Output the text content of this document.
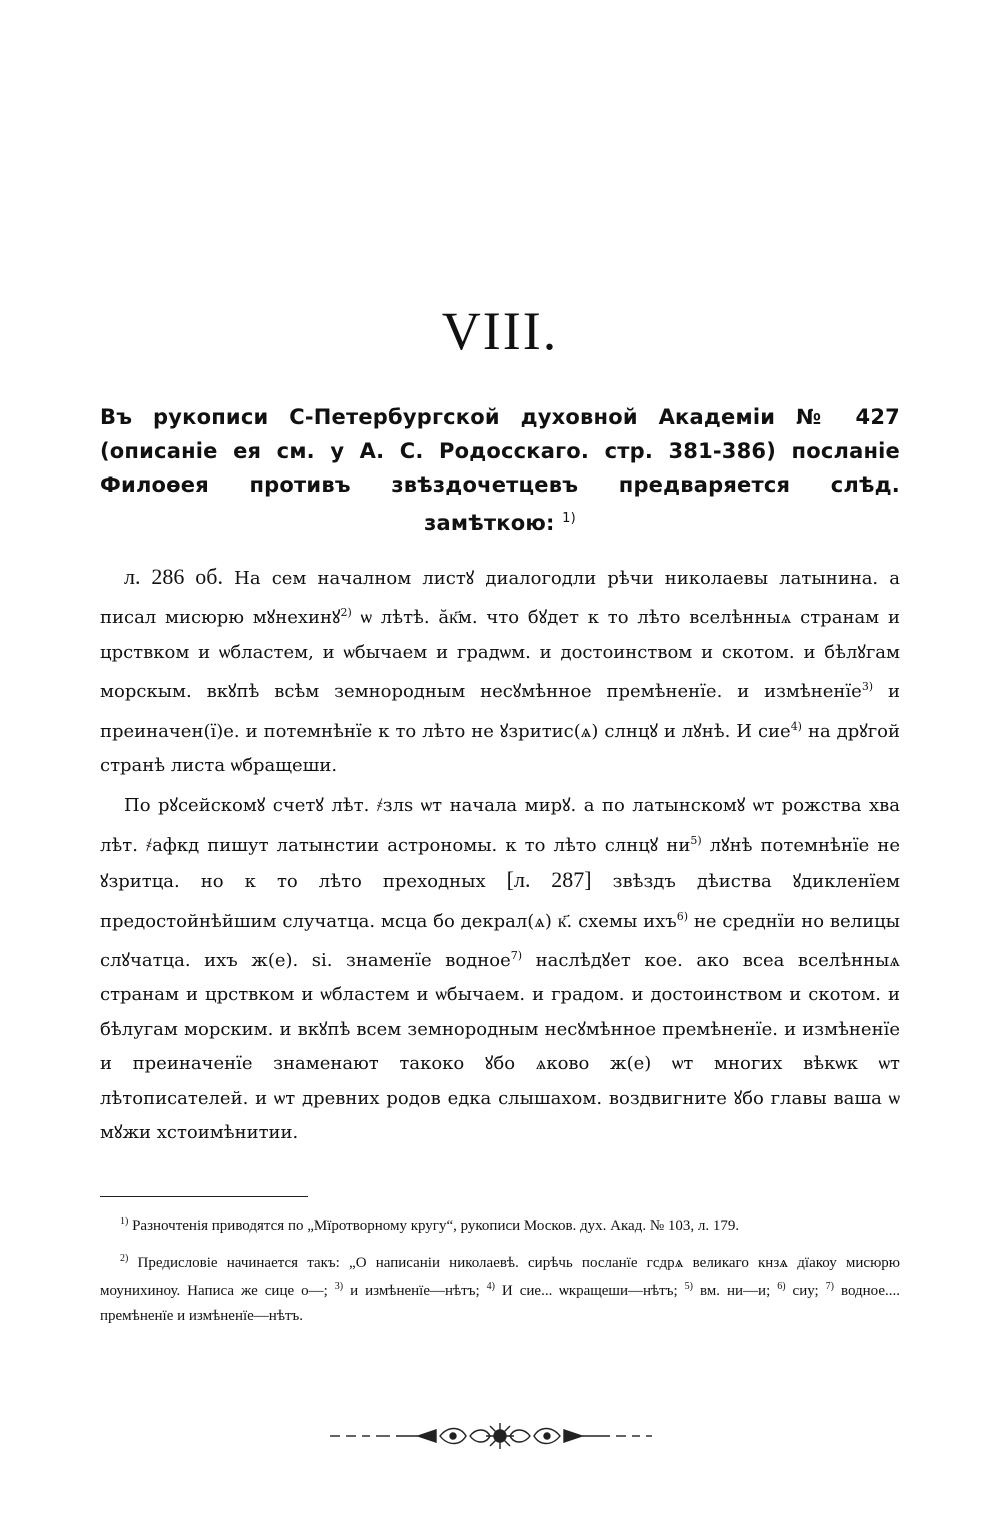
VIII.
Въ рукописи С-Петербургской духовной Академіи № 427 (описаніе ея см. у А. С. Родосскаго. стр. 381-386) посланіе Филоѳея противъ звѣздочетцевъ предваряется слѣд. замѣткою: $^{1)}$

л. 286 об. На сем началном листꙋ диалогодли рѣчи николаевы латынина. а писал мисюрю мꙋнехинꙋ$^{2)}$ ѡ лѣтѣ. ӑк҃м. что бꙋдет к то лѣто вселѣнныѧ странам и црствком и ѡбластем, и ѡбычаем и градѡм. и достоинством и скотом. и бѣлꙋгам морскым. вкꙋпѣ всѣм земнородным несꙋмѣнное премѣненїе. и измѣненїе$^{3)}$ и преиначен(ї)е. и потемнѣнїе к то лѣто не ꙋзритис(ѧ) слнцꙋ и лꙋнѣ. И сие$^{4)}$ на дрꙋгой странѣ листа ѡбращеши.

По рꙋсейскомꙋ счетꙋ лѣт. ҂злѕ ѡт начала мирꙋ. а по латынскомꙋ ѡт рожства хва лѣт. ҂афкд пишут латынстии астрономы. к то лѣто слнцꙋ $ни^{5)}$ лꙋнѣ потемнѣнїе не ꙋзритца. но к то лѣто преходных [л. 287] звѣздъ дѣиства ꙋдикленїем предостойнѣйшим случатца. мсца бо декрал(ѧ) к҃. схемы ихъ$^{6)}$ не среднїи но велицы слꙋчатца. ихъ ж(е). ѕі. знаменїе водное$^{7)}$ наслѣдꙋет кое. ако всеа вселѣнныѧ странам и црствком и ѡбластем и ѡбычаем. и градом. и достоинством и скотом. и бѣлугам морским. и вкꙋпѣ всем земнородным несꙋмѣнное премѣненїе. и измѣненїе и преиначенїе знаменают такоко ꙋбо ѧково ж(е) ѡт многих вѣкѡк ѡт лѣтописателей. и ѡт древних родов едка слышахом. воздвигните ꙋбо главы ваша ѡ мꙋжи хстоимѣнитии.

$^{1)}$ Разночтенія приводятся по „Мїротворному кругу“, рукописи Москов. дух. Акад. № 103, л. 179.

$^{2)}$ Предисловіе начинается такъ: „О написаніи николаевѣ. сирѣчь посланїе гсдрѧ великаго кнзѧ дїакоу мисюрю моунихиноу. Написа же сице о—; $^{3)}$ и измѣненїе—нѣтъ; $^{4)}$ И сие... ѡкращеши—нѣтъ; $^{5)}$ вм. ни—и; $^{6)}$ сиу; $^{7)}$ водное.... премѣненїе и измѣненїе—нѣтъ.
